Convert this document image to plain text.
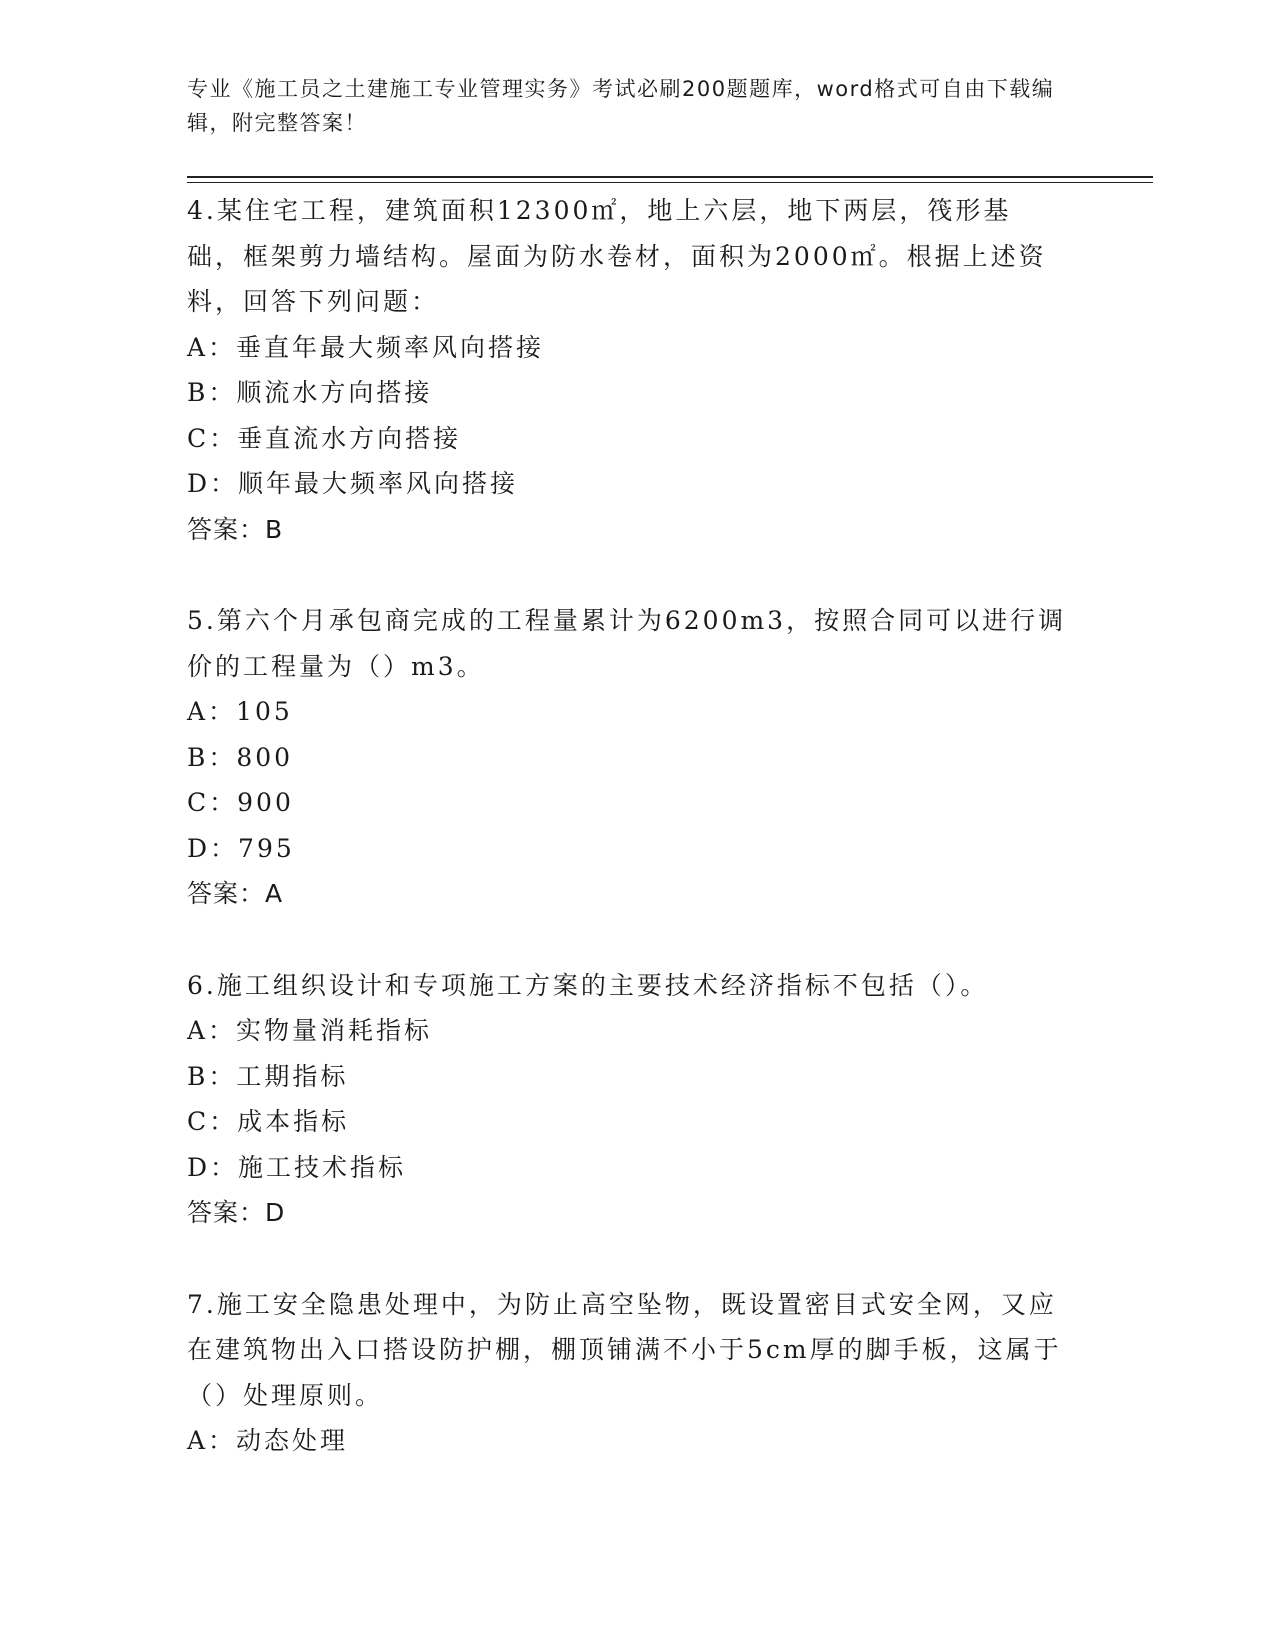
专业《施工员之土建施工专业管理实务》考试必刷200题题库，word格式可自由下载编辑，附完整答案！

4.某住宅工程，建筑面积12300㎡，地上六层，地下两层，筏形基础，框架剪力墙结构。屋面为防水卷材，面积为2000㎡。根据上述资料，回答下列问题：

A：垂直年最大频率风向搭接

B：顺流水方向搭接

C：垂直流水方向搭接

D：顺年最大频率风向搭接

答案：B

5.第六个月承包商完成的工程量累计为6200m3，按照合同可以进行调价的工程量为（）m3。

A：105

B：800

C：900

D：795

答案：A

6.施工组织设计和专项施工方案的主要技术经济指标不包括（）。

A：实物量消耗指标

B：工期指标

C：成本指标

D：施工技术指标

答案：D

7.施工安全隐患处理中，为防止高空坠物，既设置密目式安全网，又应在建筑物出入口搭设防护棚，棚顶铺满不小于5cm厚的脚手板，这属于（）处理原则。

A：动态处理
